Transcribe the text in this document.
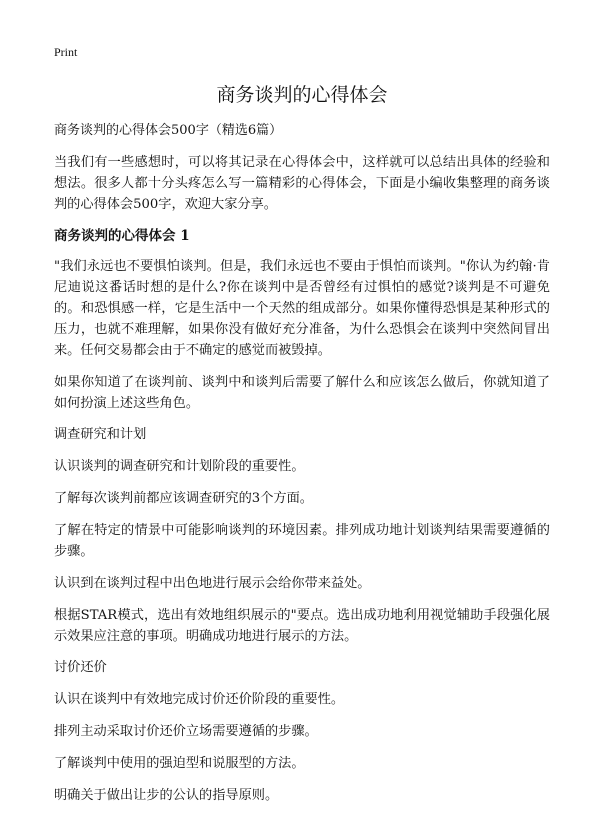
Print
商务谈判的心得体会
商务谈判的心得体会500字（精选6篇）

当我们有一些感想时，可以将其记录在心得体会中，这样就可以总结出具体的经验和想法。很多人都十分头疼怎么写一篇精彩的心得体会，下面是小编收集整理的商务谈判的心得体会500字，欢迎大家分享。

商务谈判的心得体会 1

"我们永远也不要惧怕谈判。但是，我们永远也不要由于惧怕而谈判。"你认为约翰·肯尼迪说这番话时想的是什么?你在谈判中是否曾经有过惧怕的感觉?谈判是不可避免的。和恐惧感一样，它是生活中一个天然的组成部分。如果你懂得恐惧是某种形式的压力，也就不难理解，如果你没有做好充分准备，为什么恐惧会在谈判中突然间冒出来。任何交易都会由于不确定的感觉而被毁掉。

如果你知道了在谈判前、谈判中和谈判后需要了解什么和应该怎么做后，你就知道了如何扮演上述这些角色。

调查研究和计划

认识谈判的调查研究和计划阶段的重要性。

了解每次谈判前都应该调查研究的3个方面。

了解在特定的情景中可能影响谈判的环境因素。排列成功地计划谈判结果需要遵循的步骤。

认识到在谈判过程中出色地进行展示会给你带来益处。

根据STAR模式，选出有效地组织展示的"要点。选出成功地利用视觉辅助手段强化展示效果应注意的事项。明确成功地进行展示的方法。

讨价还价

认识在谈判中有效地完成讨价还价阶段的重要性。

排列主动采取讨价还价立场需要遵循的步骤。

了解谈判中使用的强迫型和说服型的方法。

明确关于做出让步的公认的指导原则。
